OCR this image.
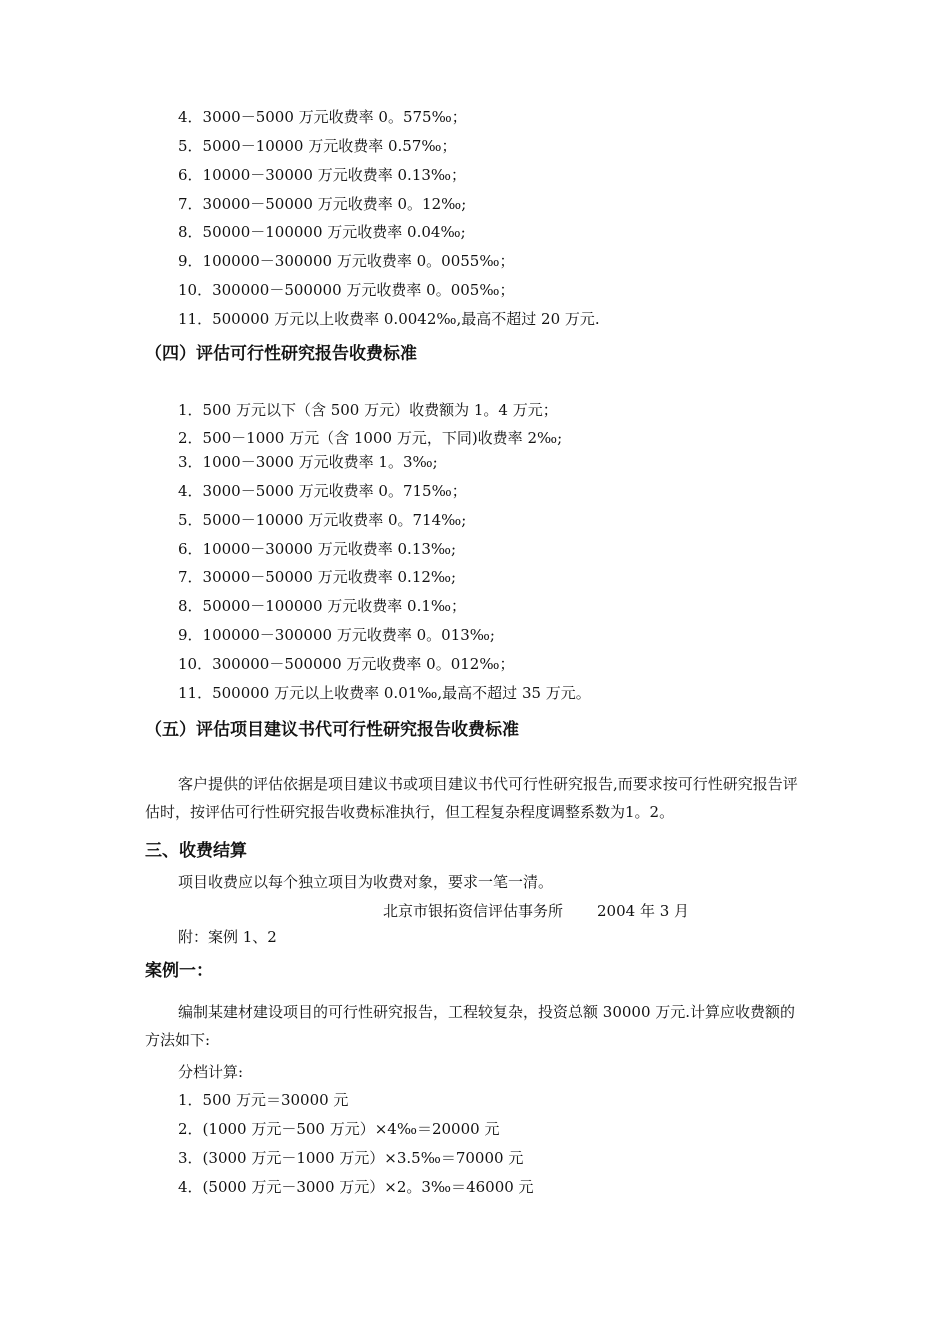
4．3000－5000 万元收费率 0。575‰；
5．5000－10000 万元收费率 0.57‰；
6．10000－30000 万元收费率 0.13‰；
7．30000－50000 万元收费率 0。12‰;
8．50000－100000 万元收费率 0.04‰;
9．100000－300000 万元收费率 0。0055‰；
10．300000－500000 万元收费率 0。005‰；
11．500000 万元以上收费率 0.0042‰,最高不超过 20 万元.
（四）评估可行性研究报告收费标准
1．500 万元以下（含 500 万元）收费额为 1。4 万元；
2．500－1000 万元（含 1000 万元，下同)收费率 2‰;
3．1000－3000 万元收费率 1。3‰;
4．3000－5000 万元收费率 0。715‰；
5．5000－10000 万元收费率 0。714‰;
6．10000－30000 万元收费率 0.13‰;
7．30000－50000 万元收费率 0.12‰;
8．50000－100000 万元收费率 0.1‰；
9．100000－300000 万元收费率 0。013‰;
10．300000－500000 万元收费率 0。012‰；
11．500000 万元以上收费率 0.01‰,最高不超过 35 万元。
（五）评估项目建议书代可行性研究报告收费标准
客户提供的评估依据是项目建议书或项目建议书代可行性研究报告,而要求按可行性研究报告评估时，按评估可行性研究报告收费标准执行，但工程复杂程度调整系数为1。2。
三、收费结算
项目收费应以每个独立项目为收费对象，要求一笔一清。
北京市银拓资信评估事务所 2004 年 3 月
附：案例 1、2
案例一：
编制某建材建设项目的可行性研究报告，工程较复杂，投资总额 30000 万元.计算应收费额的方法如下:
分档计算:
1．500 万元＝30000 元
2．(1000 万元－500 万元）×4‰＝20000 元
3．(3000 万元－1000 万元）×3.5‰＝70000 元
4．(5000 万元－3000 万元）×2。3‰＝46000 元
